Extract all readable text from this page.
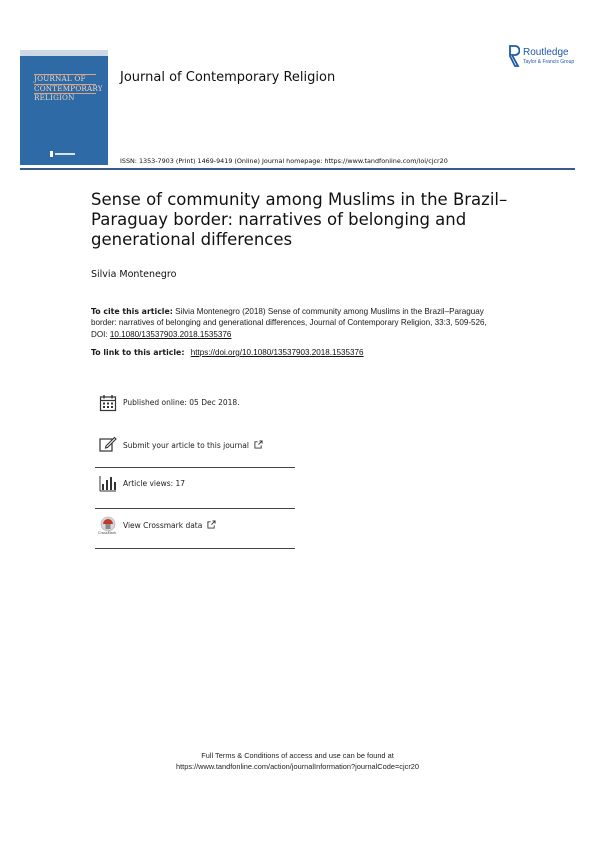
JOURNAL OF
CONTEMPORARY
RELIGION
Routledge
Taylor & Francis Group
Journal of Contemporary Religion
ISSN: 1353-7903 (Print) 1469-9419 (Online) Journal homepage: https://www.tandfonline.com/loi/cjcr20
Sense of community among Muslims in the Brazil–Paraguay border: narratives of belonging and generational differences
Silvia Montenegro
To cite this article: Silvia Montenegro (2018) Sense of community among Muslims in the Brazil–Paraguay border: narratives of belonging and generational differences, Journal of Contemporary Religion, 33:3, 509-526, DOI: 10.1080/13537903.2018.1535376
To link to this article: https://doi.org/10.1080/13537903.2018.1535376
Published online: 05 Dec 2018.
Submit your article to this journal
Article views: 17
CrossMark
View Crossmark data
Full Terms & Conditions of access and use can be found at
https://www.tandfonline.com/action/journalInformation?journalCode=cjcr20
